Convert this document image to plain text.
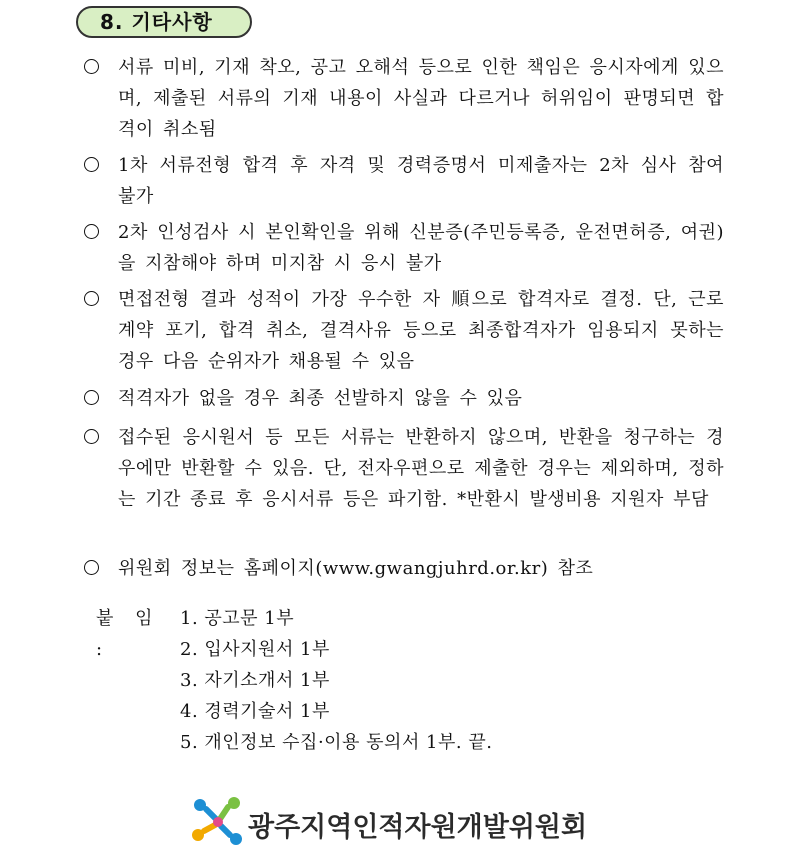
8. 기타사항
서류 미비, 기재 착오, 공고 오해석 등으로 인한 책임은 응시자에게 있으며, 제출된 서류의 기재 내용이 사실과 다르거나 허위임이 판명되면 합격이 취소됨
1차 서류전형 합격 후 자격 및 경력증명서 미제출자는 2차 심사 참여 불가
2차 인성검사 시 본인확인을 위해 신분증(주민등록증, 운전면허증, 여권)을 지참해야 하며 미지참 시 응시 불가
면접전형 결과 성적이 가장 우수한 자 順으로 합격자로 결정. 단, 근로계약 포기, 합격 취소, 결격사유 등으로 최종합격자가 임용되지 못하는 경우 다음 순위자가 채용될 수 있음
적격자가 없을 경우 최종 선발하지 않을 수 있음
접수된 응시원서 등 모든 서류는 반환하지 않으며, 반환을 청구하는 경우에만 반환할 수 있음. 단, 전자우편으로 제출한 경우는 제외하며, 정하는 기간 종료 후 응시서류 등은 파기함. *반환시 발생비용 지원자 부담
위원회 정보는 홈페이지(www.gwangjuhrd.or.kr) 참조
붙 임 :
1. 공고문 1부
2. 입사지원서 1부
3. 자기소개서 1부
4. 경력기술서 1부
5. 개인정보 수집·이용 동의서 1부. 끝.
광주지역인적자원개발위원회
